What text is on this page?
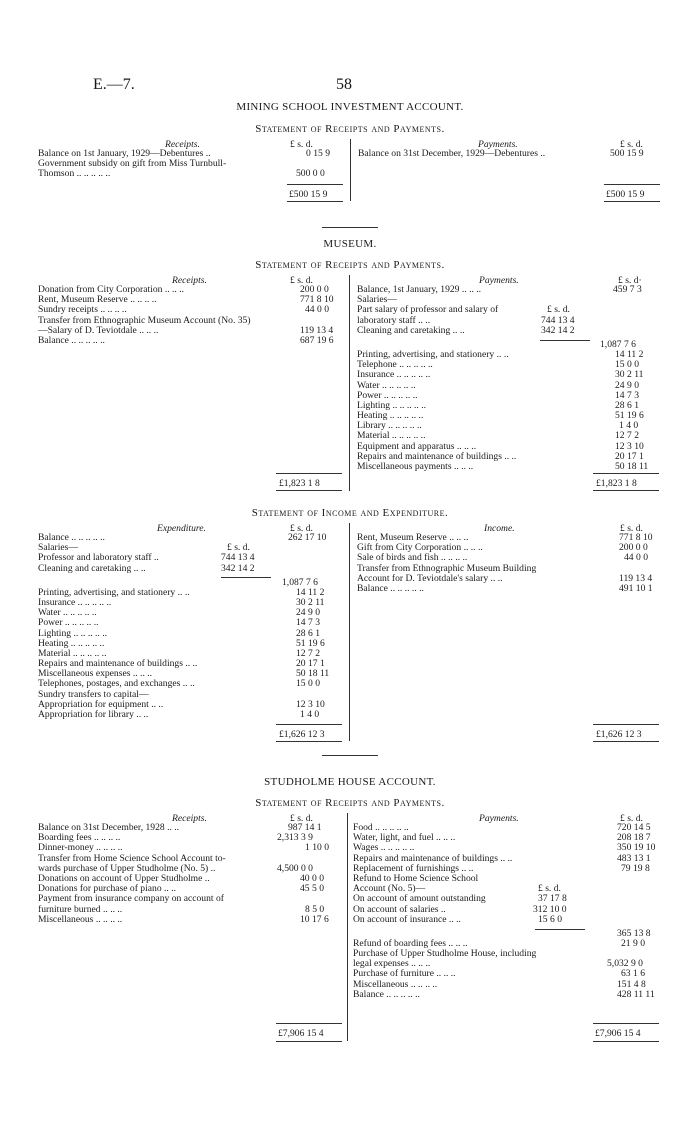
E.—7.	58
MINING SCHOOL INVESTMENT ACCOUNT.
Statement of Receipts and Payments.
Receipts.	£ s. d.	Payments.	£ s. d.
Balance on 1st January, 1929—Debentures ..	0 15 9
Government subsidy on gift from Miss Turnbull-
Thomson .. .. .. .. ..	500 0 0
Balance on 31st December, 1929—Debentures ..	500 15 9
£500 15 9	£500 15 9
MUSEUM.
Statement of Receipts and Payments.
Receipts.	£ s. d.	Payments.	£ s. d·
Donation from City Corporation .. .. ..	200 0 0
Rent, Museum Reserve .. .. .. ..	771 8 10
Sundry receipts .. .. .. ..	44 0 0
Transfer from Ethnographic Museum Account (No. 35)
—Salary of D. Teviotdale .. .. ..	119 13 4
Balance .. .. .. .. ..	687 19 6
Balance, 1st January, 1929 .. .. ..	459 7 3
Salaries—
Part salary of professor and salary of	£ s. d.
laboratory staff .. ..	744 13 4
Cleaning and caretaking .. ..	342 14 2
1,087 7 6
Printing, advertising, and stationery .. ..	14 11 2
Telephone .. .. .. .. ..	15 0 0
Insurance .. .. .. .. ..	30 2 11
Water .. .. .. .. ..	24 9 0
Power .. .. .. .. ..	14 7 3
Lighting .. .. .. .. ..	28 6 1
Heating .. .. .. .. ..	51 19 6
Library .. .. .. .. ..	1 4 0
Material .. .. .. .. ..	12 7 2
Equipment and apparatus .. .. ..	12 3 10
Repairs and maintenance of buildings .. ..	20 17 1
Miscellaneous payments .. .. ..	50 18 11
£1,823 1 8	£1,823 1 8
Statement of Income and Expenditure.
Expenditure.	£ s. d.	Income.	£ s. d.
Balance .. .. .. .. ..	262 17 10
Salaries—	£ s. d.
Professor and laboratory staff ..	744 13 4
Cleaning and caretaking .. ..	342 14 2
1,087 7 6
Printing, advertising, and stationery .. ..	14 11 2
Insurance .. .. .. .. ..	30 2 11
Water .. .. .. .. ..	24 9 0
Power .. .. .. .. ..	14 7 3
Lighting .. .. .. .. ..	28 6 1
Heating .. .. .. .. ..	51 19 6
Material .. .. .. .. ..	12 7 2
Repairs and maintenance of buildings .. ..	20 17 1
Miscellaneous expenses .. .. ..	50 18 11
Telephones, postages, and exchanges .. ..	15 0 0
Sundry transfers to capital—
Appropriation for equipment .. ..	12 3 10
Appropriation for library .. ..	1 4 0
Rent, Museum Reserve .. .. ..	771 8 10
Gift from City Corporation .. .. ..	200 0 0
Sale of birds and fish .. .. .. ..	44 0 0
Transfer from Ethnographic Museum Building
Account for D. Teviotdale's salary .. ..	119 13 4
Balance .. .. .. .. ..	491 10 1
£1,626 12 3	£1,626 12 3
STUDHOLME HOUSE ACCOUNT.
Statement of Receipts and Payments.
Receipts.	£ s. d.	Payments.	£ s. d.
Balance on 31st December, 1928 .. ..	987 14 1
Boarding fees .. .. .. ..	2,313 3 9
Dinner-money .. .. .. ..	1 10 0
Transfer from Home Science School Account to-
wards purchase of Upper Studholme (No. 5) ..	4,500 0 0
Donations on account of Upper Studholme ..	40 0 0
Donations for purchase of piano .. ..	45 5 0
Payment from insurance company on account of
furniture burned .. .. ..	8 5 0
Miscellaneous .. .. .. ..	10 17 6
Food .. .. .. .. ..	720 14 5
Water, light, and fuel .. .. ..	208 18 7
Wages .. .. .. .. ..	350 19 10
Repairs and maintenance of buildings .. ..	483 13 1
Replacement of furnishings .. ..	79 19 8
Refund to Home Science School
Account (No. 5)—	£ s. d.
On account of amount outstanding	37 17 8
On account of salaries ..	312 10 0
On account of insurance .. ..	15 6 0
365 13 8
Refund of boarding fees .. .. ..	21 9 0
Purchase of Upper Studholme House, including
legal expenses .. .. ..	5,032 9 0
Purchase of furniture .. .. ..	63 1 6
Miscellaneous .. .. .. ..	151 4 8
Balance .. .. .. .. ..	428 11 11
£7,906 15 4	£7,906 15 4
